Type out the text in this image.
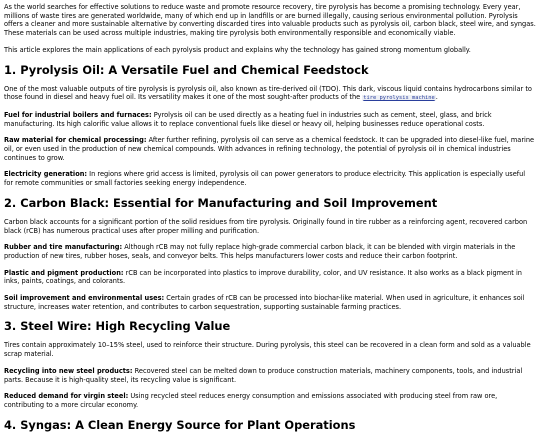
As the world searches for effective solutions to reduce waste and promote resource recovery, tire pyrolysis has become a promising technology. Every year, millions of waste tires are generated worldwide, many of which end up in landfills or are burned illegally, causing serious environmental pollution. Pyrolysis offers a cleaner and more sustainable alternative by converting discarded tires into valuable products such as pyrolysis oil, carbon black, steel wire, and syngas. These materials can be used across multiple industries, making tire pyrolysis both environmentally responsible and economically viable.

This article explores the main applications of each pyrolysis product and explains why the technology has gained strong momentum globally.

1. Pyrolysis Oil: A Versatile Fuel and Chemical Feedstock

One of the most valuable outputs of tire pyrolysis is pyrolysis oil, also known as tire-derived oil (TDO). This dark, viscous liquid contains hydrocarbons similar to those found in diesel and heavy fuel oil. Its versatility makes it one of the most sought-after products of the tire pyrolysis machine.

Fuel for industrial boilers and furnaces: Pyrolysis oil can be used directly as a heating fuel in industries such as cement, steel, glass, and brick manufacturing. Its high calorific value allows it to replace conventional fuels like diesel or heavy oil, helping businesses reduce operational costs.

Raw material for chemical processing: After further refining, pyrolysis oil can serve as a chemical feedstock. It can be upgraded into diesel-like fuel, marine oil, or even used in the production of new chemical compounds. With advances in refining technology, the potential of pyrolysis oil in chemical industries continues to grow.

Electricity generation: In regions where grid access is limited, pyrolysis oil can power generators to produce electricity. This application is especially useful for remote communities or small factories seeking energy independence.

2. Carbon Black: Essential for Manufacturing and Soil Improvement

Carbon black accounts for a significant portion of the solid residues from tire pyrolysis. Originally found in tire rubber as a reinforcing agent, recovered carbon black (rCB) has numerous practical uses after proper milling and purification.

Rubber and tire manufacturing: Although rCB may not fully replace high-grade commercial carbon black, it can be blended with virgin materials in the production of new tires, rubber hoses, seals, and conveyor belts. This helps manufacturers lower costs and reduce their carbon footprint.

Plastic and pigment production: rCB can be incorporated into plastics to improve durability, color, and UV resistance. It also works as a black pigment in inks, paints, coatings, and colorants.

Soil improvement and environmental uses: Certain grades of rCB can be processed into biochar-like material. When used in agriculture, it enhances soil structure, increases water retention, and contributes to carbon sequestration, supporting sustainable farming practices.

3. Steel Wire: High Recycling Value

Tires contain approximately 10–15% steel, used to reinforce their structure. During pyrolysis, this steel can be recovered in a clean form and sold as a valuable scrap material.

Recycling into new steel products: Recovered steel can be melted down to produce construction materials, machinery components, tools, and industrial parts. Because it is high-quality steel, its recycling value is significant.

Reduced demand for virgin steel: Using recycled steel reduces energy consumption and emissions associated with producing steel from raw ore, contributing to a more circular economy.

4. Syngas: A Clean Energy Source for Plant Operations
